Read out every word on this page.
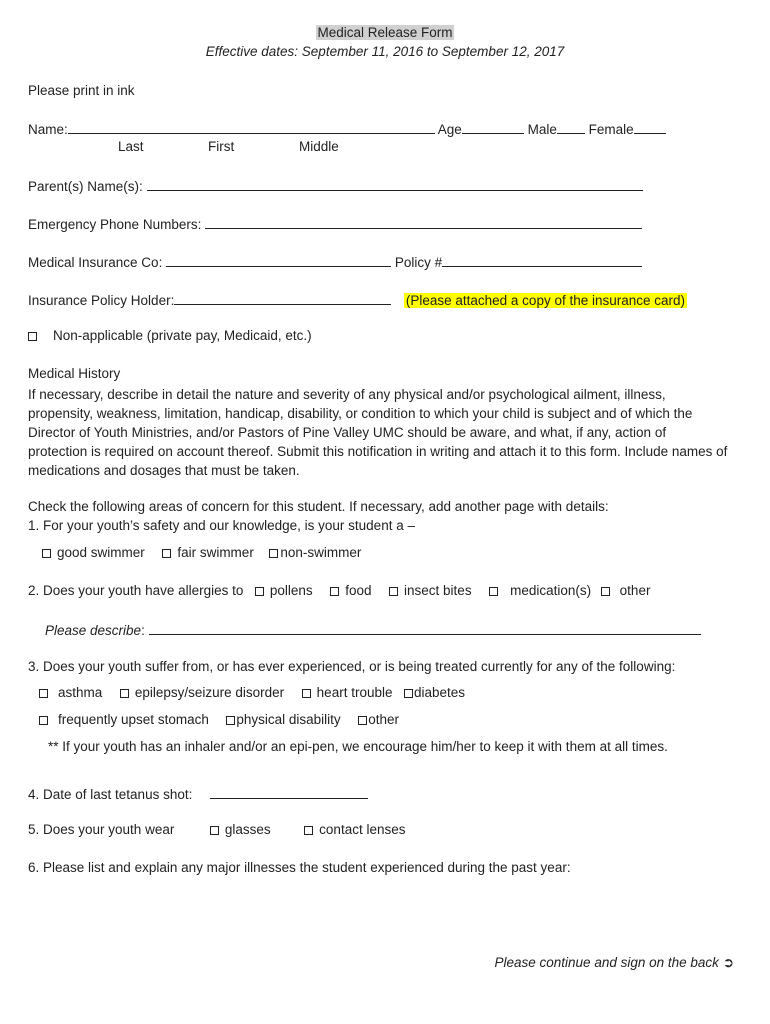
Medical Release Form
Effective dates: September 11, 2016 to September 12, 2017
Please print in ink
Name:	Age	Male Female
Last	First	Middle
Parent(s) Name(s):
Emergency Phone Numbers:
Medical Insurance Co:	Policy #
Insurance Policy Holder:	(Please attached a copy of the insurance card)
Non-applicable (private pay, Medicaid, etc.)
Medical History
If necessary, describe in detail the nature and severity of any physical and/or psychological ailment, illness, propensity, weakness, limitation, handicap, disability, or condition to which your child is subject and of which the Director of Youth Ministries, and/or Pastors of Pine Valley UMC should be aware, and what, if any, action of protection is required on account thereof. Submit this notification in writing and attach it to this form. Include names of medications and dosages that must be taken.
Check the following areas of concern for this student. If necessary, add another page with details:
1. For your youth’s safety and our knowledge, is your student a –
good swimmer fair swimmer non-swimmer
2. Does your youth have allergies to pollens food insect bites	medication(s) other
Please describe:
3. Does your youth suffer from, or has ever experienced, or is being treated currently for any of the following:
asthma epilepsy/seizure disorder heart trouble diabetes
frequently upset stomach physical disability other
** If your youth has an inhaler and/or an epi-pen, we encourage him/her to keep it with them at all times.
4. Date of last tetanus shot:
5. Does your youth wear	glasses	contact lenses
6. Please list and explain any major illnesses the student experienced during the past year:
Please continue and sign on the back ➲
